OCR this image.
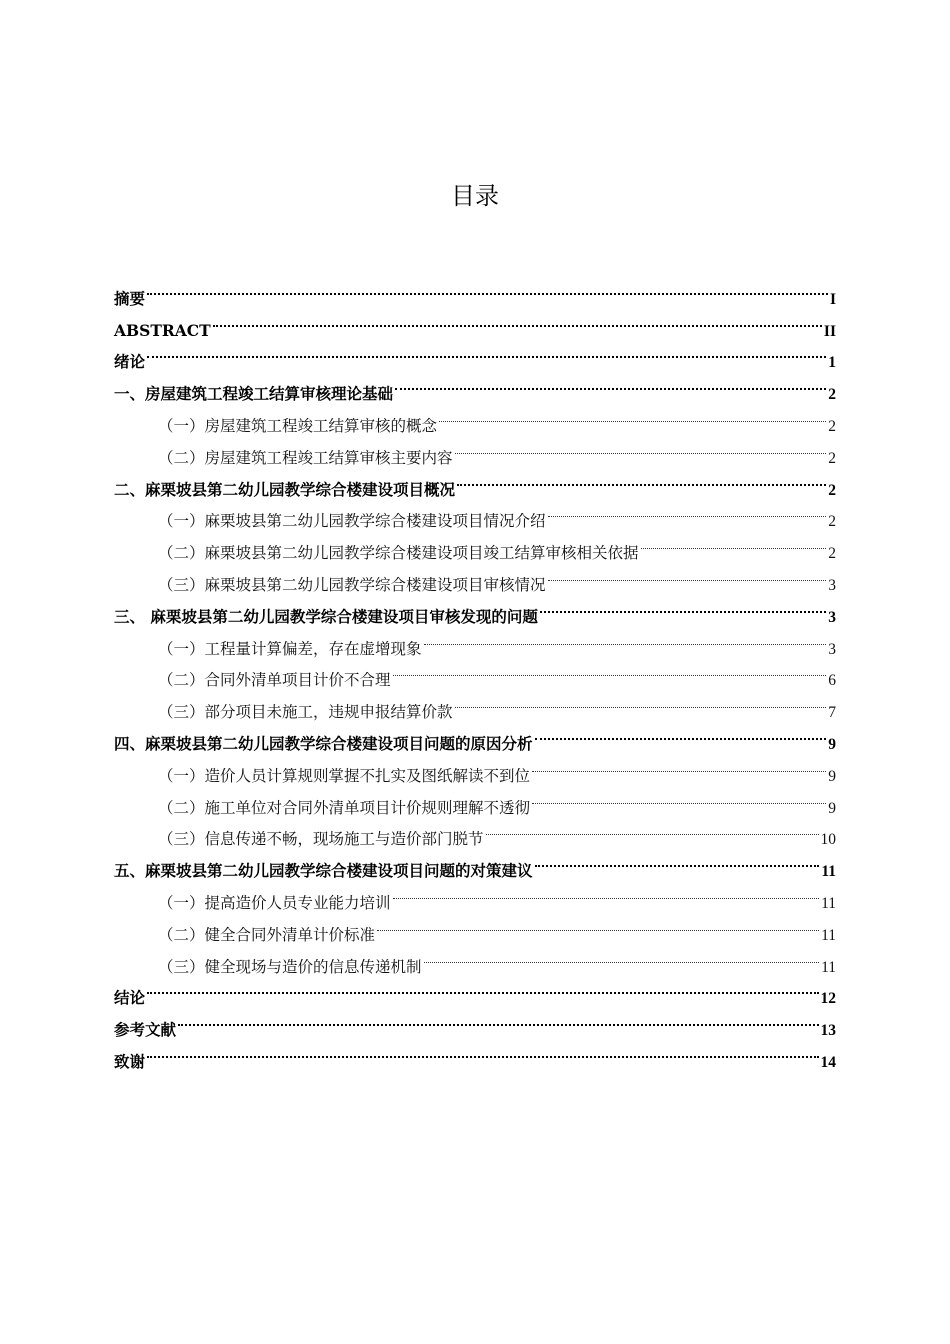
目录
摘要	I
ABSTRACT	II
绪论	1
一、房屋建筑工程竣工结算审核理论基础	2
（一）房屋建筑工程竣工结算审核的概念	2
（二）房屋建筑工程竣工结算审核主要内容	2
二、麻栗坡县第二幼儿园教学综合楼建设项目概况	2
（一）麻栗坡县第二幼儿园教学综合楼建设项目情况介绍	2
（二）麻栗坡县第二幼儿园教学综合楼建设项目竣工结算审核相关依据	2
（三）麻栗坡县第二幼儿园教学综合楼建设项目审核情况	3
三、 麻栗坡县第二幼儿园教学综合楼建设项目审核发现的问题	3
（一）工程量计算偏差，存在虚增现象	3
（二）合同外清单项目计价不合理	6
（三）部分项目未施工，违规申报结算价款	7
四、麻栗坡县第二幼儿园教学综合楼建设项目问题的原因分析	9
（一）造价人员计算规则掌握不扎实及图纸解读不到位	9
（二）施工单位对合同外清单项目计价规则理解不透彻	9
（三）信息传递不畅，现场施工与造价部门脱节	10
五、麻栗坡县第二幼儿园教学综合楼建设项目问题的对策建议	11
（一）提高造价人员专业能力培训	11
（二）健全合同外清单计价标准	11
（三）健全现场与造价的信息传递机制	11
结论	12
参考文献	13
致谢	14
